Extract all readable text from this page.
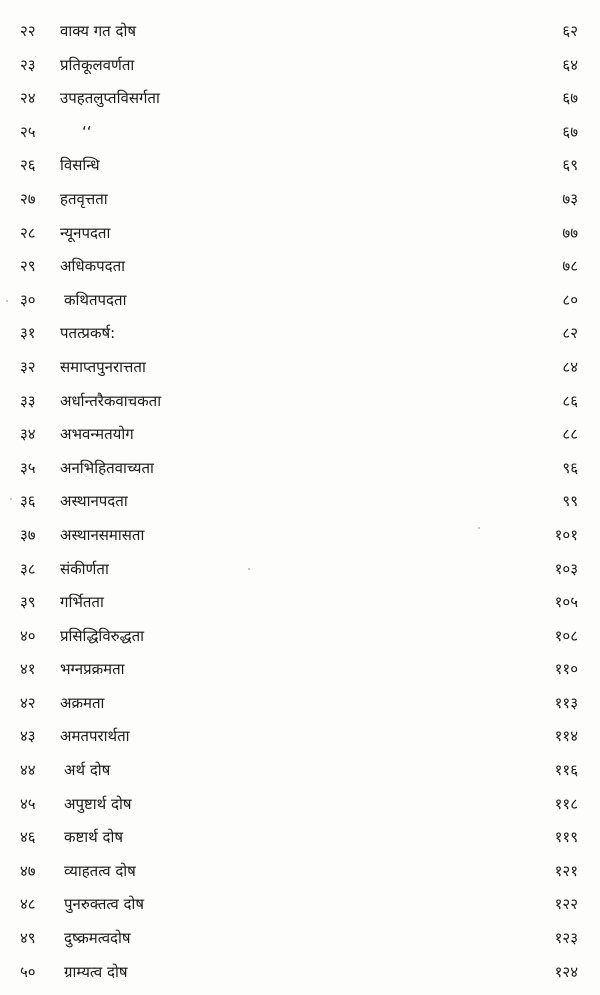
२२	वाक्य गत दोष	६२
२३	प्रतिकूलवर्णता	६४
२४	उपहतलुप्तविसर्गता	६७
२५	‘‘	६७
२६	विसन्धि	६९
२७	हतवृत्तता	७३
२८	न्यूनपदता	७७
२९	अधिकपदता	७८
३०	कथितपदता	८०
३१	पतत्प्रकर्ष:	८२
३२	समाप्तपुनरात्तता	८४
३३	अर्धान्तरैकवाचकता	८६
३४	अभवन्मतयोग	८८
३५	अनभिहितवाच्यता	९६
३६	अस्थानपदता	९९
३७	अस्थानसमासता	१०१
३८	संकीर्णता	१०३
३९	गर्भितता	१०५
४०	प्रसिद्धिविरुद्धता	१०८
४१	भग्नप्रक्रमता	११०
४२	अक्रमता	११३
४३	अमतपरार्थता	११४
४४	अर्थ दोष	११६
४५	अपुष्टार्थ दोष	११८
४६	कष्टार्थ दोष	११९
४७	व्याहतत्व दोष	१२१
४८	पुनरुक्तत्व दोष	१२२
४९	दुष्क्रमत्वदोष	१२३
५०	ग्राम्यत्व दोष	१२४
